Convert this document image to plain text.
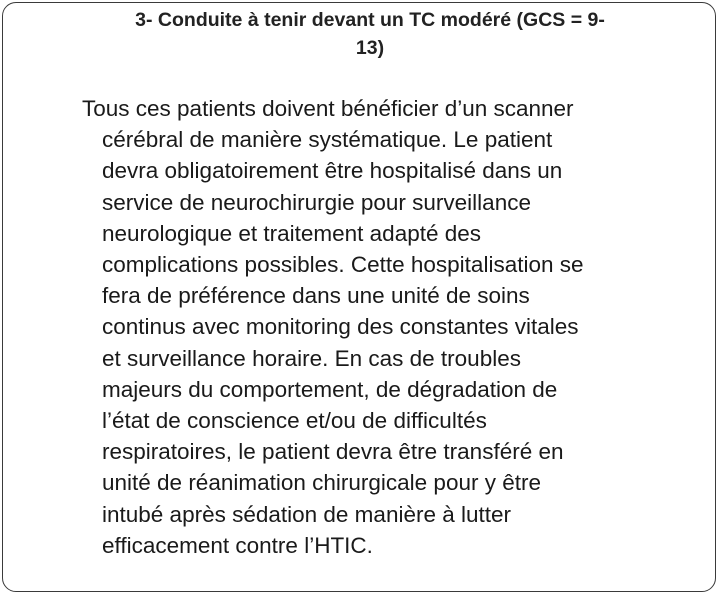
3- Conduite à tenir devant un TC modéré (GCS = 9-
13)
Tous ces patients doivent bénéficier d’un scanner
cérébral de manière systématique. Le patient
devra obligatoirement être hospitalisé dans un
service de neurochirurgie pour surveillance
neurologique et traitement adapté des
complications possibles. Cette hospitalisation se
fera de préférence dans une unité de soins
continus avec monitoring des constantes vitales
et surveillance horaire. En cas de troubles
majeurs du comportement, de dégradation de
l’état de conscience et/ou de difficultés
respiratoires, le patient devra être transféré en
unité de réanimation chirurgicale pour y être
intubé après sédation de manière à lutter
efficacement contre l’HTIC.
